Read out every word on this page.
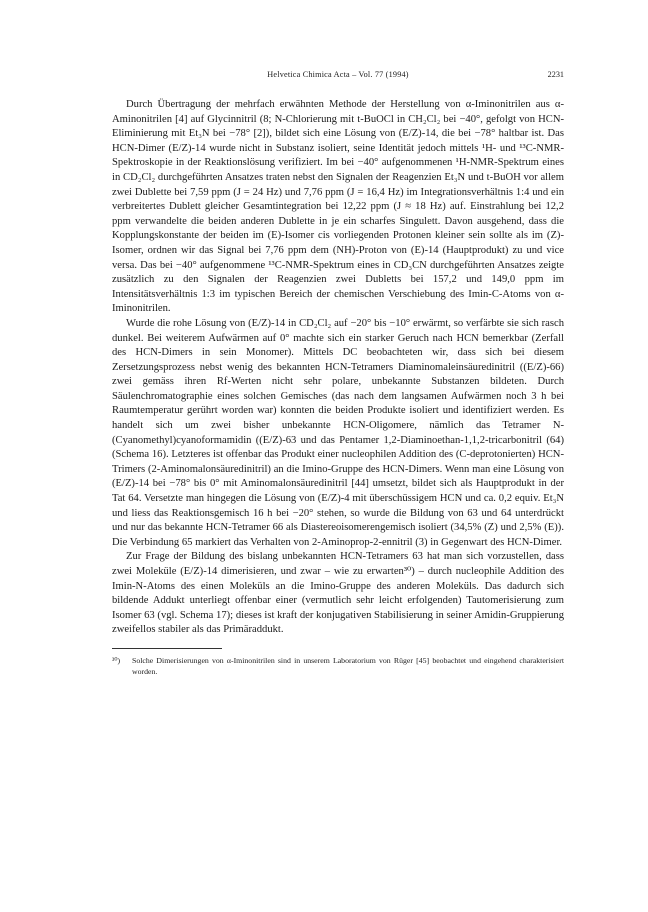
Helvetica Chimica Acta – Vol. 77 (1994)	2231

Durch Übertragung der mehrfach erwähnten Methode der Herstellung von α-Iminonitrilen aus α-Aminonitrilen [4] auf Glycinnitril (8; N-Chlorierung mit t-BuOCl in CH₂Cl₂ bei −40°, gefolgt von HCN-Eliminierung mit Et₃N bei −78° [2]), bildet sich eine Lösung von (E/Z)-14, die bei −78° haltbar ist. Das HCN-Dimer (E/Z)-14 wurde nicht in Substanz isoliert, seine Identität jedoch mittels ¹H- und ¹³C-NMR-Spektroskopie in der Reaktionslösung verifiziert. Im bei −40° aufgenommenen ¹H-NMR-Spektrum eines in CD₂Cl₂ durchgeführten Ansatzes traten nebst den Signalen der Reagenzien Et₃N und t-BuOH vor allem zwei Dublette bei 7,59 ppm (J = 24 Hz) und 7,76 ppm (J = 16,4 Hz) im Integrationsverhältnis 1:4 und ein verbreitertes Dublett gleicher Gesamtintegration bei 12,22 ppm (J ≈ 18 Hz) auf. Einstrahlung bei 12,2 ppm verwandelte die beiden anderen Dublette in je ein scharfes Singulett. Davon ausgehend, dass die Kopplungskonstante der beiden im (E)-Isomer cis vorliegenden Protonen kleiner sein sollte als im (Z)-Isomer, ordnen wir das Signal bei 7,76 ppm dem (NH)-Proton von (E)-14 (Hauptprodukt) zu und vice versa. Das bei −40° aufgenommene ¹³C-NMR-Spektrum eines in CD₃CN durchgeführten Ansatzes zeigte zusätzlich zu den Signalen der Reagenzien zwei Dubletts bei 157,2 und 149,0 ppm im Intensitätsverhältnis 1:3 im typischen Bereich der chemischen Verschiebung des Imin-C-Atoms von α-Iminonitrilen.

Wurde die rohe Lösung von (E/Z)-14 in CD₂Cl₂ auf −20° bis −10° erwärmt, so verfärbte sie sich rasch dunkel. Bei weiterem Aufwärmen auf 0° machte sich ein starker Geruch nach HCN bemerkbar (Zerfall des HCN-Dimers in sein Monomer). Mittels DC beobachteten wir, dass sich bei diesem Zersetzungsprozess nebst wenig des bekannten HCN-Tetramers Diaminomaleinsäuredinitril ((E/Z)-66) zwei gemäss ihren Rf-Werten nicht sehr polare, unbekannte Substanzen bildeten. Durch Säulenchromatographie eines solchen Gemisches (das nach dem langsamen Aufwärmen noch 3 h bei Raumtemperatur gerührt worden war) konnten die beiden Produkte isoliert und identifiziert werden. Es handelt sich um zwei bisher unbekannte HCN-Oligomere, nämlich das Tetramer N-(Cyanomethyl)cyanoformamidin ((E/Z)-63 und das Pentamer 1,2-Diaminoethan-1,1,2-tricarbonitril (64) (Schema 16). Letzteres ist offenbar das Produkt einer nucleophilen Addition des (C-deprotonierten) HCN-Trimers (2-Aminomalonsäuredinitril) an die Imino-Gruppe des HCN-Dimers. Wenn man eine Lösung von (E/Z)-14 bei −78° bis 0° mit Aminomalonsäuredinitril [44] umsetzt, bildet sich als Hauptprodukt in der Tat 64. Versetzte man hingegen die Lösung von (E/Z)-4 mit überschüssigem HCN und ca. 0,2 equiv. Et₃N und liess das Reaktionsgemisch 16 h bei −20° stehen, so wurde die Bildung von 63 und 64 unterdrückt und nur das bekannte HCN-Tetramer 66 als Diastereoisomerengemisch isoliert (34,5% (Z) und 2,5% (E)). Die Verbindung 65 markiert das Verhalten von 2-Aminoprop-2-ennitril (3) in Gegenwart des HCN-Dimer.

Zur Frage der Bildung des bislang unbekannten HCN-Tetramers 63 hat man sich vorzustellen, dass zwei Moleküle (E/Z)-14 dimerisieren, und zwar – wie zu erwarten³⁰) – durch nucleophile Addition des Imin-N-Atoms des einen Moleküls an die Imino-Gruppe des anderen Moleküls. Das dadurch sich bildende Addukt unterliegt offenbar einer (vermutlich sehr leicht erfolgenden) Tautomerisierung zum Isomer 63 (vgl. Schema 17); dieses ist kraft der konjugativen Stabilisierung in seiner Amidin-Gruppierung zweifellos stabiler als das Primäraddukt.

³⁰)	Solche Dimerisierungen von α-Iminonitrilen sind in unserem Laboratorium von Rüger [45] beobachtet und eingehend charakterisiert worden.
